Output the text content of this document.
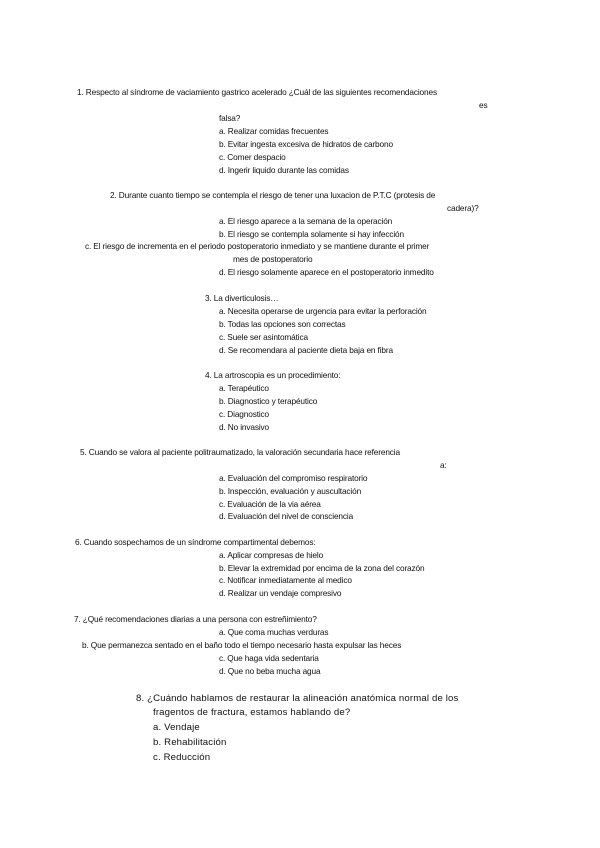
1. Respecto al síndrome de vaciamiento gastrico acelerado ¿Cuál de las siguientes recomendaciones
es
falsa?
a. Realizar comidas frecuentes
b. Evitar ingesta excesiva de hidratos de carbono
c. Comer despacio
d. Ingerir liquido durante las comidas
2. Durante cuanto tiempo se contempla el riesgo de tener una luxacion de P.T.C (protesis de
cadera)?
a. El riesgo aparece a la semana de la operación
b. El riesgo se contempla solamente si hay infección
c. El riesgo de incrementa en el periodo postoperatorio inmediato y se mantiene durante el primer
mes de postoperatorio
d. El riesgo solamente aparece en el postoperatorio inmedito
3. La diverticulosis…
a. Necesita operarse de urgencia para evitar la perforación
b. Todas las opciones son correctas
c. Suele ser asintomática
d. Se recomendara al paciente dieta baja en fibra
4. La artroscopia es un procedimiento:
a. Terapéutico
b. Diagnostico y terapéutico
c. Diagnostico
d. No invasivo
5. Cuando se valora al paciente politraumatizado, la valoración secundaria hace referencia
a:
a. Evaluación del compromiso respiratorio
b. Inspección, evaluación y auscultación
c. Evaluación de la via aérea
d. Evaluación del nivel de consciencia
6. Cuando sospechamos de un síndrome compartimental debemos:
a. Aplicar compresas de hielo
b. Elevar la extremidad por encima de la zona del corazón
c. Notificar inmediatamente al medico
d. Realizar un vendaje compresivo
7. ¿Qué recomendaciones diarias a una persona con estreñimiento?
a. Que coma muchas verduras
b. Que permanezca sentado en el baño todo el tiempo necesario hasta expulsar las heces
c. Que haga vida sedentaria
d. Que no beba mucha agua
8. ¿Cuándo hablamos de restaurar la alineación anatómica normal de los
fragentos de fractura, estamos hablando de?
a. Vendaje
b. Rehabilitación
c. Reducción
